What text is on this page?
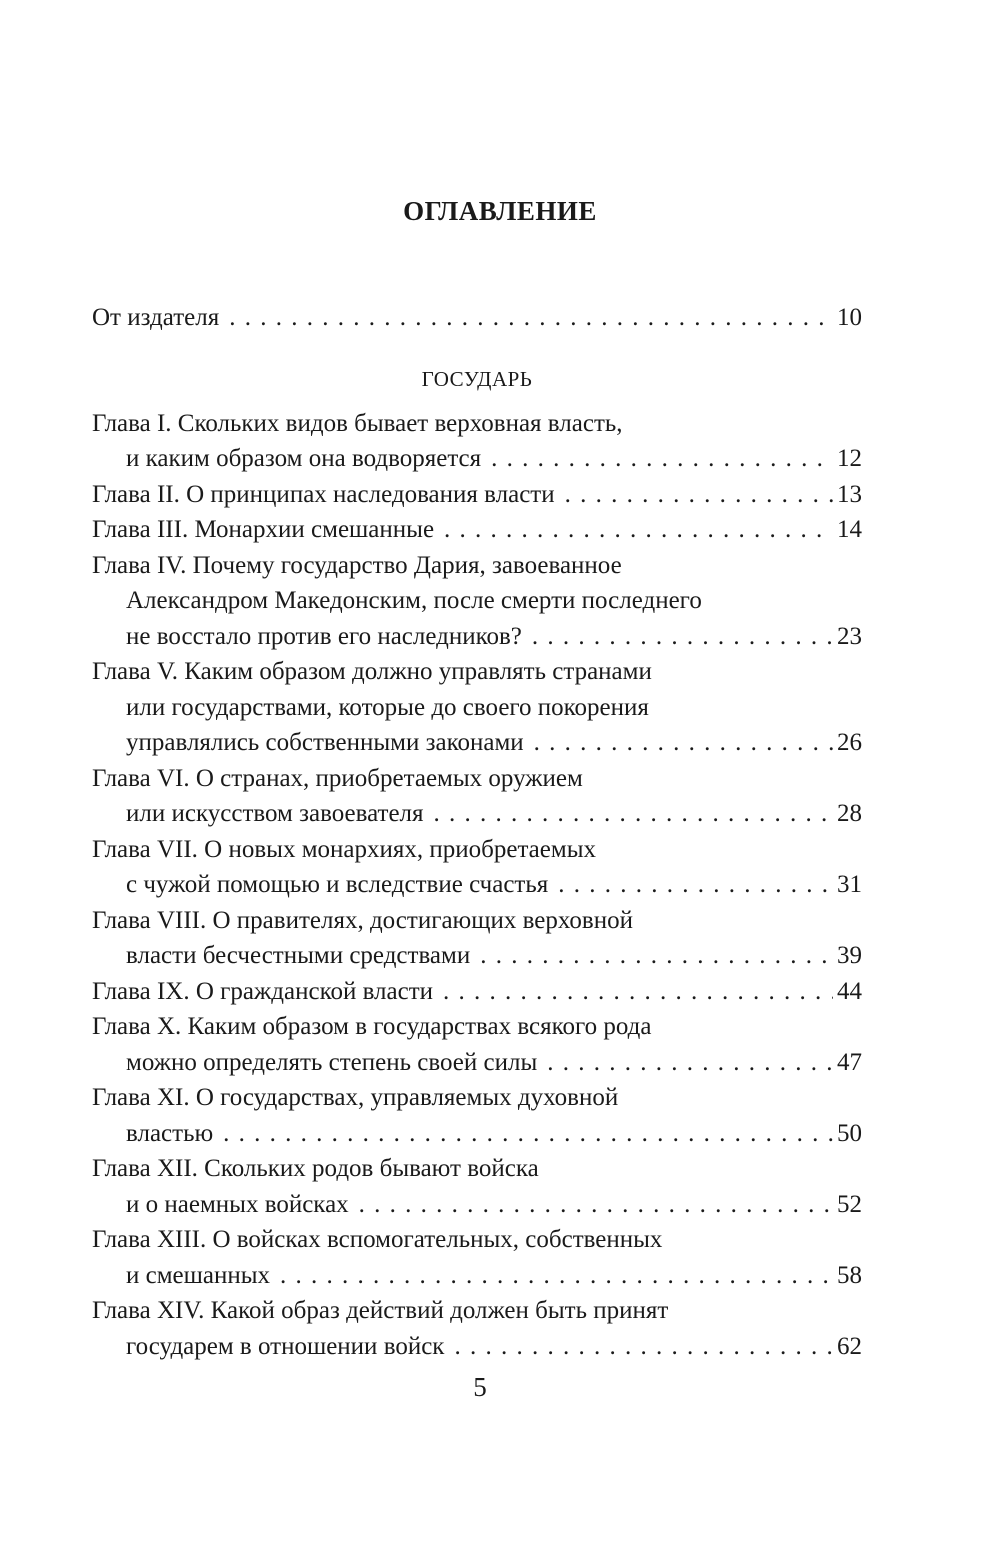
ОГЛАВЛЕНИЕ
От издателя . . .	10
ГОСУДАРЬ
Глава I. Скольких видов бывает верховная власть,
и каким образом она водворяется . . .	12
Глава II. О принципах наследования власти . . .	13
Глава III. Монархии смешанные . . .	14
Глава IV. Почему государство Дария, завоеванное
Александром Македонским, после смерти последнего
не восстало против его наследников? . . .	23
Глава V. Каким образом должно управлять странами
или государствами, которые до своего покорения
управлялись собственными законами . . .	26
Глава VI. О странах, приобретаемых оружием
или искусством завоевателя . . .	28
Глава VII. О новых монархиях, приобретаемых
с чужой помощью и вследствие счастья . . .	31
Глава VIII. О правителях, достигающих верховной
власти бесчестными средствами . . .	39
Глава IX. О гражданской власти . . .	44
Глава X. Каким образом в государствах всякого рода
можно определять степень своей силы . . .	47
Глава XI. О государствах, управляемых духовной
властью . . .	50
Глава XII. Скольких родов бывают войска
и о наемных войсках . . .	52
Глава XIII. О войсках вспомогательных, собственных
и смешанных . . .	58
Глава XIV. Какой образ действий должен быть принят
государем в отношении войск . . .	62
5
